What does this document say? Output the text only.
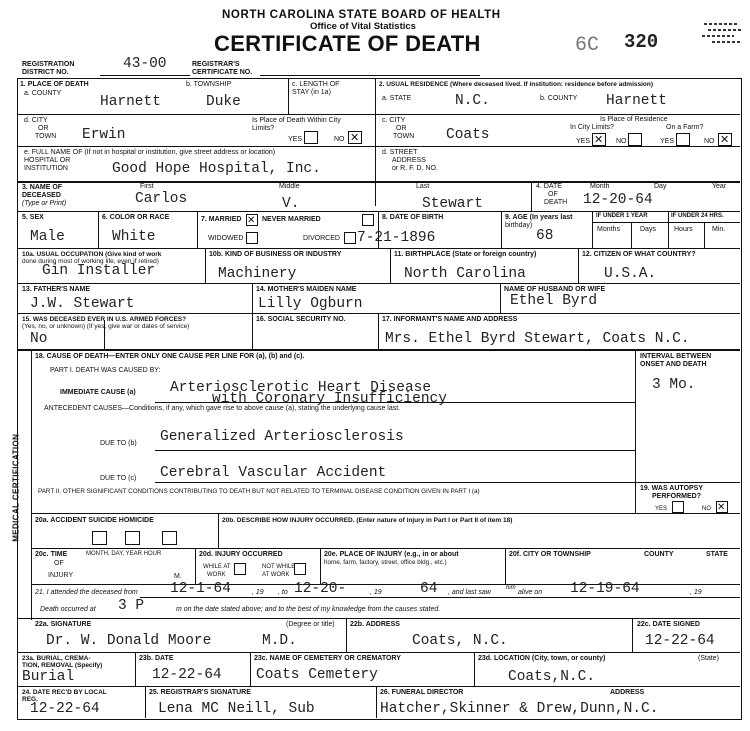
NORTH CAROLINA STATE BOARD OF HEALTH
Office of Vital Statistics
CERTIFICATE OF DEATH	6C 320
REGISTRATION
DISTRICT NO.
43-00	REGISTRAR'S
CERTIFICATE NO.
1. PLACE OF DEATH
a. COUNTY
b. TOWNSHIP	c. LENGTH OF
STAY (in 1a)
Harnett	Duke
2. USUAL RESIDENCE (Where deceased lived. If institution: residence before admission)
a. STATE	b. COUNTY
N.C.	Harnett
d. CITY
OR
TOWN Erwin
Is Place of Death Within City
Limits?
YES	NO ✕
c. CITY
OR
TOWN Coats
Is Place of Residence
In City Limits?	On a Farm?
YES ✕ NO	YES	NO ✕
e. FULL NAME OF (If not in hospital or institution, give street address or location)
HOSPITAL OR
INSTITUTION	Good Hope Hospital, Inc.
d. STREET
ADDRESS
or R. F. D. NO.
3. NAME OF
DECEASED
(Type or Print)
First	Middle	Last
Carlos	V.	Stewart
4. DATE
OF
DEATH
Month	Day	Year
12-20-64
5. SEX
Male
6. COLOR OR RACE
White
7. MARRIED ✕ NEVER MARRIED
WIDOWED	DIVORCED
8. DATE OF BIRTH
7-21-1896
9. AGE (In years last
birthday)
68
IF UNDER 1 YEAR	IF UNDER 24 HRS.
Months	Days	Hours	Min.
10a. USUAL OCCUPATION (Give kind of work
done during most of working life, even if retired)
Gin Installer
10b. KIND OF BUSINESS OR INDUSTRY
Machinery
11. BIRTHPLACE (State or foreign country)
North Carolina
12. CITIZEN OF WHAT COUNTRY?
U.S.A.
13. FATHER'S NAME
J.W. Stewart
14. MOTHER'S MAIDEN NAME
Lilly Ogburn
NAME OF HUSBAND OR WIFE
Ethel Byrd
15. WAS DECEASED EVER IN U.S. ARMED FORCES?
(Yes, no, or unknown) (If yes, give war or dates of service)
No
16. SOCIAL SECURITY NO.	17. INFORMANT'S NAME AND ADDRESS
Mrs. Ethel Byrd Stewart, Coats N.C.
MEDICAL CERTIFICATION
18. CAUSE OF DEATH—ENTER ONLY ONE CAUSE PER LINE FOR (a), (b) and (c).
PART I. DEATH WAS CAUSED BY:
IMMEDIATE CAUSE (a) Arteriosclerotic Heart Disease
with Coronary Insufficiency
ANTECEDENT CAUSES—Conditions, if any, which gave rise to above cause (a), stating the underlying cause last.
DUE TO (b) Generalized Arteriosclerosis
DUE TO (c) Cerebral Vascular Accident
PART II. OTHER SIGNIFICANT CONDITIONS CONTRIBUTING TO DEATH BUT NOT RELATED TO TERMINAL DISEASE CONDITION GIVEN IN PART I (a)
INTERVAL BETWEEN
ONSET AND DEATH
3 Mo.
19. WAS AUTOPSY
PERFORMED?
YES	NO ✕
20a. ACCIDENT SUICIDE HOMICIDE	20b. DESCRIBE HOW INJURY OCCURRED. (Enter nature of injury in Part I or Part II of item 18)
20c. TIME	MONTH, DAY, YEAR HOUR
OF
INJURY	M.
20d. INJURY OCCURRED
WHILE AT
WORK
NOT WHILE
AT WORK
20e. PLACE OF INJURY (e.g., in or about
home, farm, factory, street, office bldg., etc.)
20f. CITY OR TOWNSHIP	COUNTY	STATE
21. I attended the deceased from 12-1-64	, 19 , to 12-20-	, 19	64 , and last saw
him
alive on 12-19-64	, 19
Death occurred at 3 P	m on the date stated above; and to the best of my knowledge from the causes stated.
22a. SIGNATURE	(Degree or title)
Dr. W. Donald Moore	M.D.
22b. ADDRESS
Coats, N.C.
22c. DATE SIGNED
12-22-64
23a. BURIAL, CREMA-
TION, REMOVAL (Specify)
Burial
23b. DATE
12-22-64
23c. NAME OF CEMETERY OR CREMATORY
Coats Cemetery
23d. LOCATION (City, town, or county)	(State)
Coats,N.C.
24. DATE REC'D BY LOCAL
REG.
12-22-64
25. REGISTRAR'S SIGNATURE
Lena MC Neill, Sub
26. FUNERAL DIRECTOR	ADDRESS
Hatcher,Skinner & Drew,Dunn,N.C.
